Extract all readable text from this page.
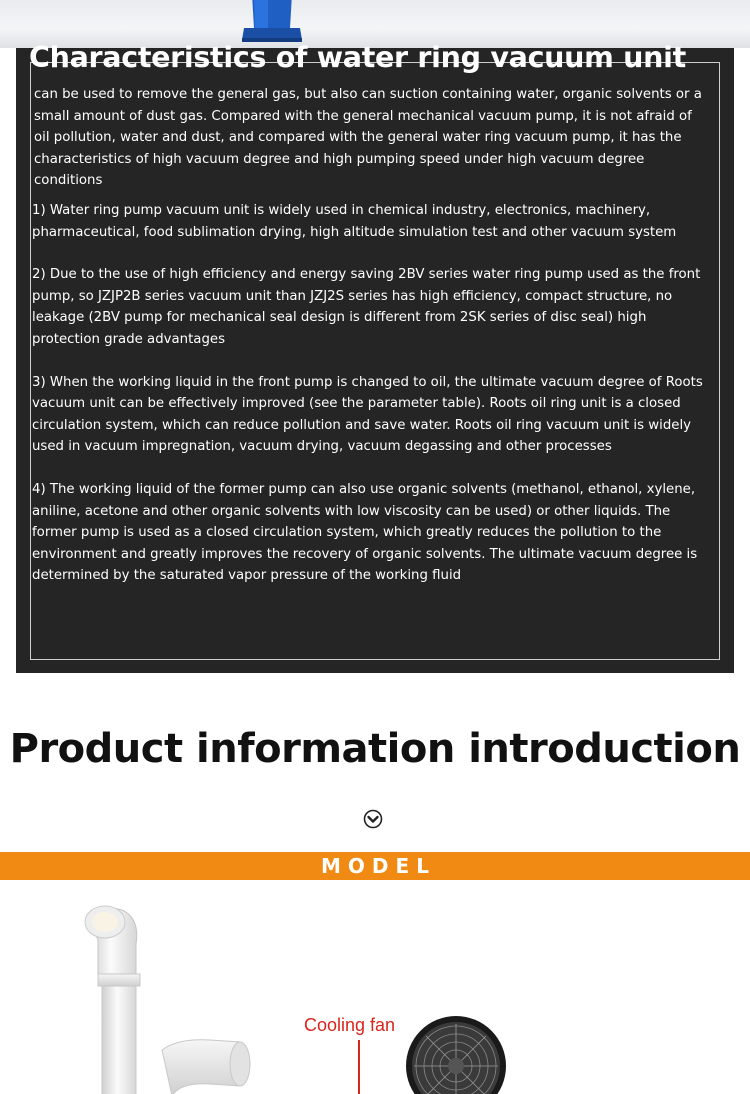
Characteristics of water ring vacuum unit

can be used to remove the general gas, but also can suction containing water, organic solvents or a small amount of dust gas. Compared with the general mechanical vacuum pump, it is not afraid of oil pollution, water and dust, and compared with the general water ring vacuum pump, it has the characteristics of high vacuum degree and high pumping speed under high vacuum degree conditions

1) Water ring pump vacuum unit is widely used in chemical industry, electronics, machinery, pharmaceutical, food sublimation drying, high altitude simulation test and other vacuum system

2) Due to the use of high efficiency and energy saving 2BV series water ring pump used as the front pump, so JZJP2B series vacuum unit than JZJ2S series has high efficiency, compact structure, no leakage (2BV pump for mechanical seal design is different from 2SK series of disc seal) high protection grade advantages

3) When the working liquid in the front pump is changed to oil, the ultimate vacuum degree of Roots vacuum unit can be effectively improved (see the parameter table). Roots oil ring unit is a closed circulation system, which can reduce pollution and save water. Roots oil ring vacuum unit is widely used in vacuum impregnation, vacuum drying, vacuum degassing and other processes

4) The working liquid of the former pump can also use organic solvents (methanol, ethanol, xylene, aniline, acetone and other organic solvents with low viscosity can be used) or other liquids. The former pump is used as a closed circulation system, which greatly reduces the pollution to the environment and greatly improves the recovery of organic solvents. The ultimate vacuum degree is determined by the saturated vapor pressure of the working fluid

Product information introduction
MODEL
Cooling fan
